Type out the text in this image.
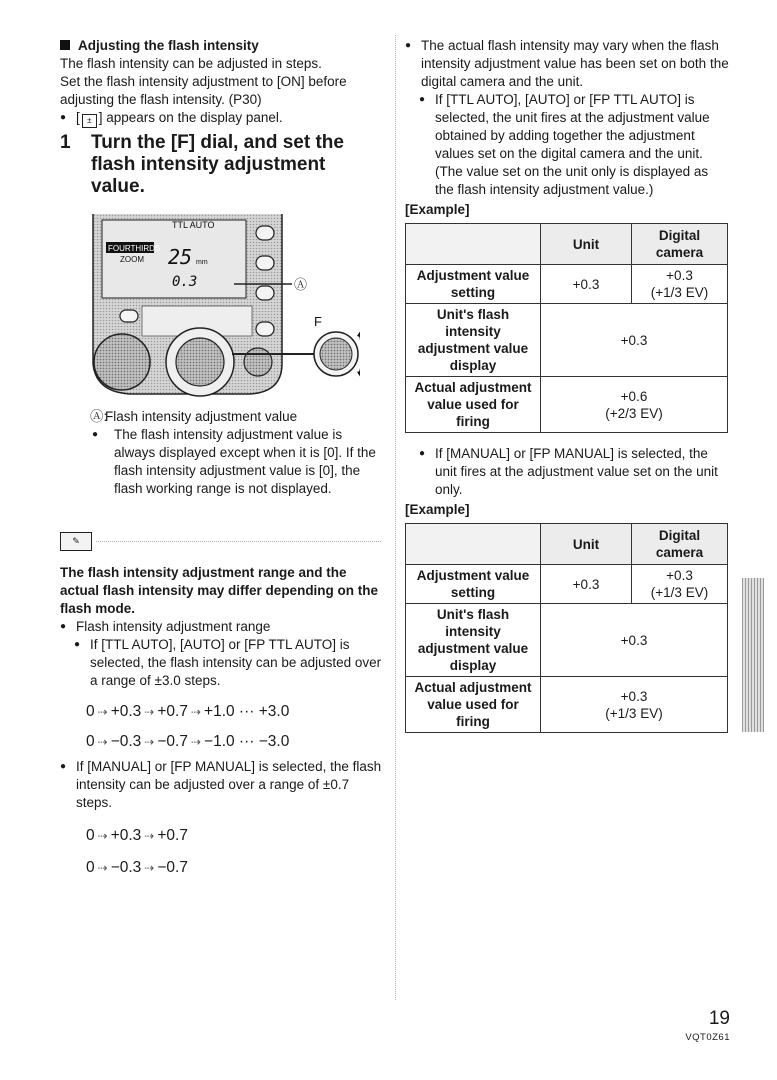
Adjusting the flash intensity

The flash intensity can be adjusted in steps.

Set the flash intensity adjustment to [ON] before adjusting the flash intensity. (P30)

● [ ± ] appears on the display panel.

1 Turn the [F] dial, and set the flash intensity adjustment value.
TTL AUTO
FOURTHIRDS
ZOOM 25 mm
0.3	Ⓐ
F

Ⓐ:
Flash intensity adjustment value

● The flash intensity adjustment value is always displayed except when it is [0]. If the flash intensity adjustment value is [0], the flash working range is not displayed.

✎

The flash intensity adjustment range and the actual flash intensity may differ depending on the flash mode.

● Flash intensity adjustment range

● If [TTL AUTO], [AUTO] or [FP TTL AUTO] is selected, the flash intensity can be adjusted over a range of ±3.0 steps.

0 ⇢ +0.3 ⇢ +0.7 ⇢ +1.0 ··· +3.0
0 ⇢ −0.3 ⇢ −0.7 ⇢ −1.0 ··· −3.0

● If [MANUAL] or [FP MANUAL] is selected, the flash intensity can be adjusted over a range of ±0.7 steps.

0 ⇢ +0.3 ⇢ +0.7
0 ⇢ −0.3 ⇢ −0.7

● The actual flash intensity may vary when the flash intensity adjustment value has been set on both the digital camera and the unit.

● If [TTL AUTO], [AUTO] or [FP TTL AUTO] is selected, the unit fires at the adjustment value obtained by adding together the adjustment values set on the digital camera and the unit. (The value set on the unit only is displayed as the flash intensity adjustment value.)

[Example]

	Unit	Digital camera
Adjustment value setting	+0.3	+0.3
(+1/3 EV)

Unit's flash intensity adjustment value display	+0.3	
Actual adjustment value used for firing	+0.6
(+2/3 EV)	

● If [MANUAL] or [FP MANUAL] is selected, the unit fires at the adjustment value set on the unit only.

[Example]

	Unit	Digital camera
Adjustment value setting	+0.3	+0.3
(+1/3 EV)

Unit's flash intensity adjustment value display	+0.3	
Actual adjustment value used for firing	+0.3
(+1/3 EV)	
19
VQT0Z61
